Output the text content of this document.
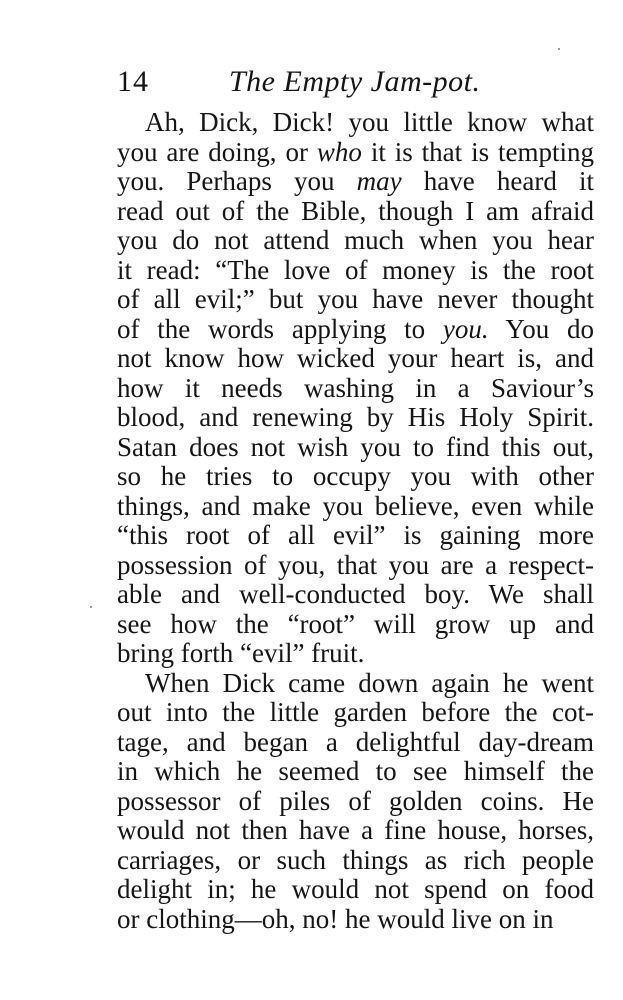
14	The Empty Jam-pot.
Ah, Dick, Dick! you little know what
you are doing, or who it is that is tempting
you. Perhaps you may have heard it
read out of the Bible, though I am afraid
you do not attend much when you hear
it read: “The love of money is the root
of all evil;” but you have never thought
of the words applying to you. You do
not know how wicked your heart is, and
how it needs washing in a Saviour’s
blood, and renewing by His Holy Spirit.
Satan does not wish you to find this out,
so he tries to occupy you with other
things, and make you believe, even while
“this root of all evil” is gaining more
possession of you, that you are a respect-
able and well-conducted boy. We shall
see how the “root” will grow up and
bring forth “evil” fruit.
When Dick came down again he went
out into the little garden before the cot-
tage, and began a delightful day-dream
in which he seemed to see himself the
possessor of piles of golden coins. He
would not then have a fine house, horses,
carriages, or such things as rich people
delight in; he would not spend on food
or clothing—oh, no! he would live on in
